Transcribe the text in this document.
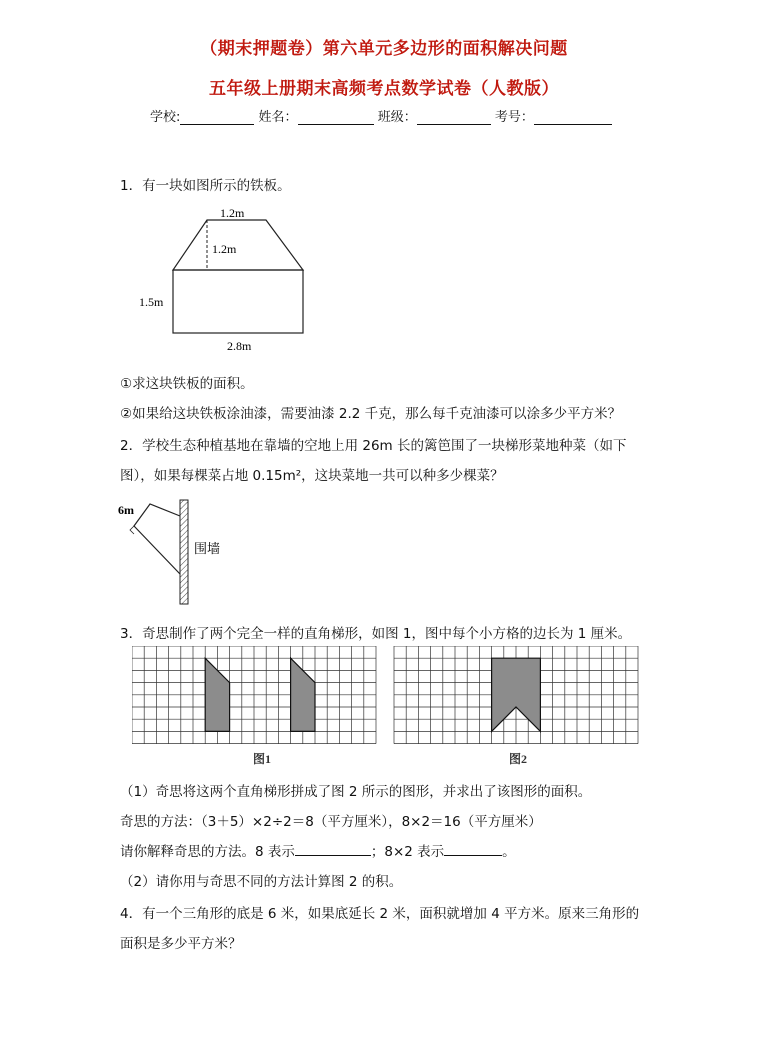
（期末押题卷）第六单元多边形的面积解决问题
五年级上册期末高频考点数学试卷（人教版）
学校:	姓名：	班级：	考号：
1．有一块如图所示的铁板。
1.2m
1.2m
1.5m
2.8m
①求这块铁板的面积。
②如果给这块铁板涂油漆，需要油漆 2.2 千克，那么每千克油漆可以涂多少平方米？
2．学校生态种植基地在靠墙的空地上用 26m 长的篱笆围了一块梯形菜地种菜（如下
图），如果每棵菜占地 0.15m²，这块菜地一共可以种多少棵菜？
6m
围墙
3．奇思制作了两个完全一样的直角梯形，如图 1，图中每个小方格的边长为 1 厘米。
图1	图2
（1）奇思将这两个直角梯形拼成了图 2 所示的图形，并求出了该图形的面积。
奇思的方法：（3＋5）×2÷2＝8（平方厘米），8×2＝16（平方厘米）
请你解释奇思的方法。8 表示	；8×2 表示	。
（2）请你用与奇思不同的方法计算图 2 的积。
4．有一个三角形的底是 6 米，如果底延长 2 米，面积就增加 4 平方米。原来三角形的
面积是多少平方米？
